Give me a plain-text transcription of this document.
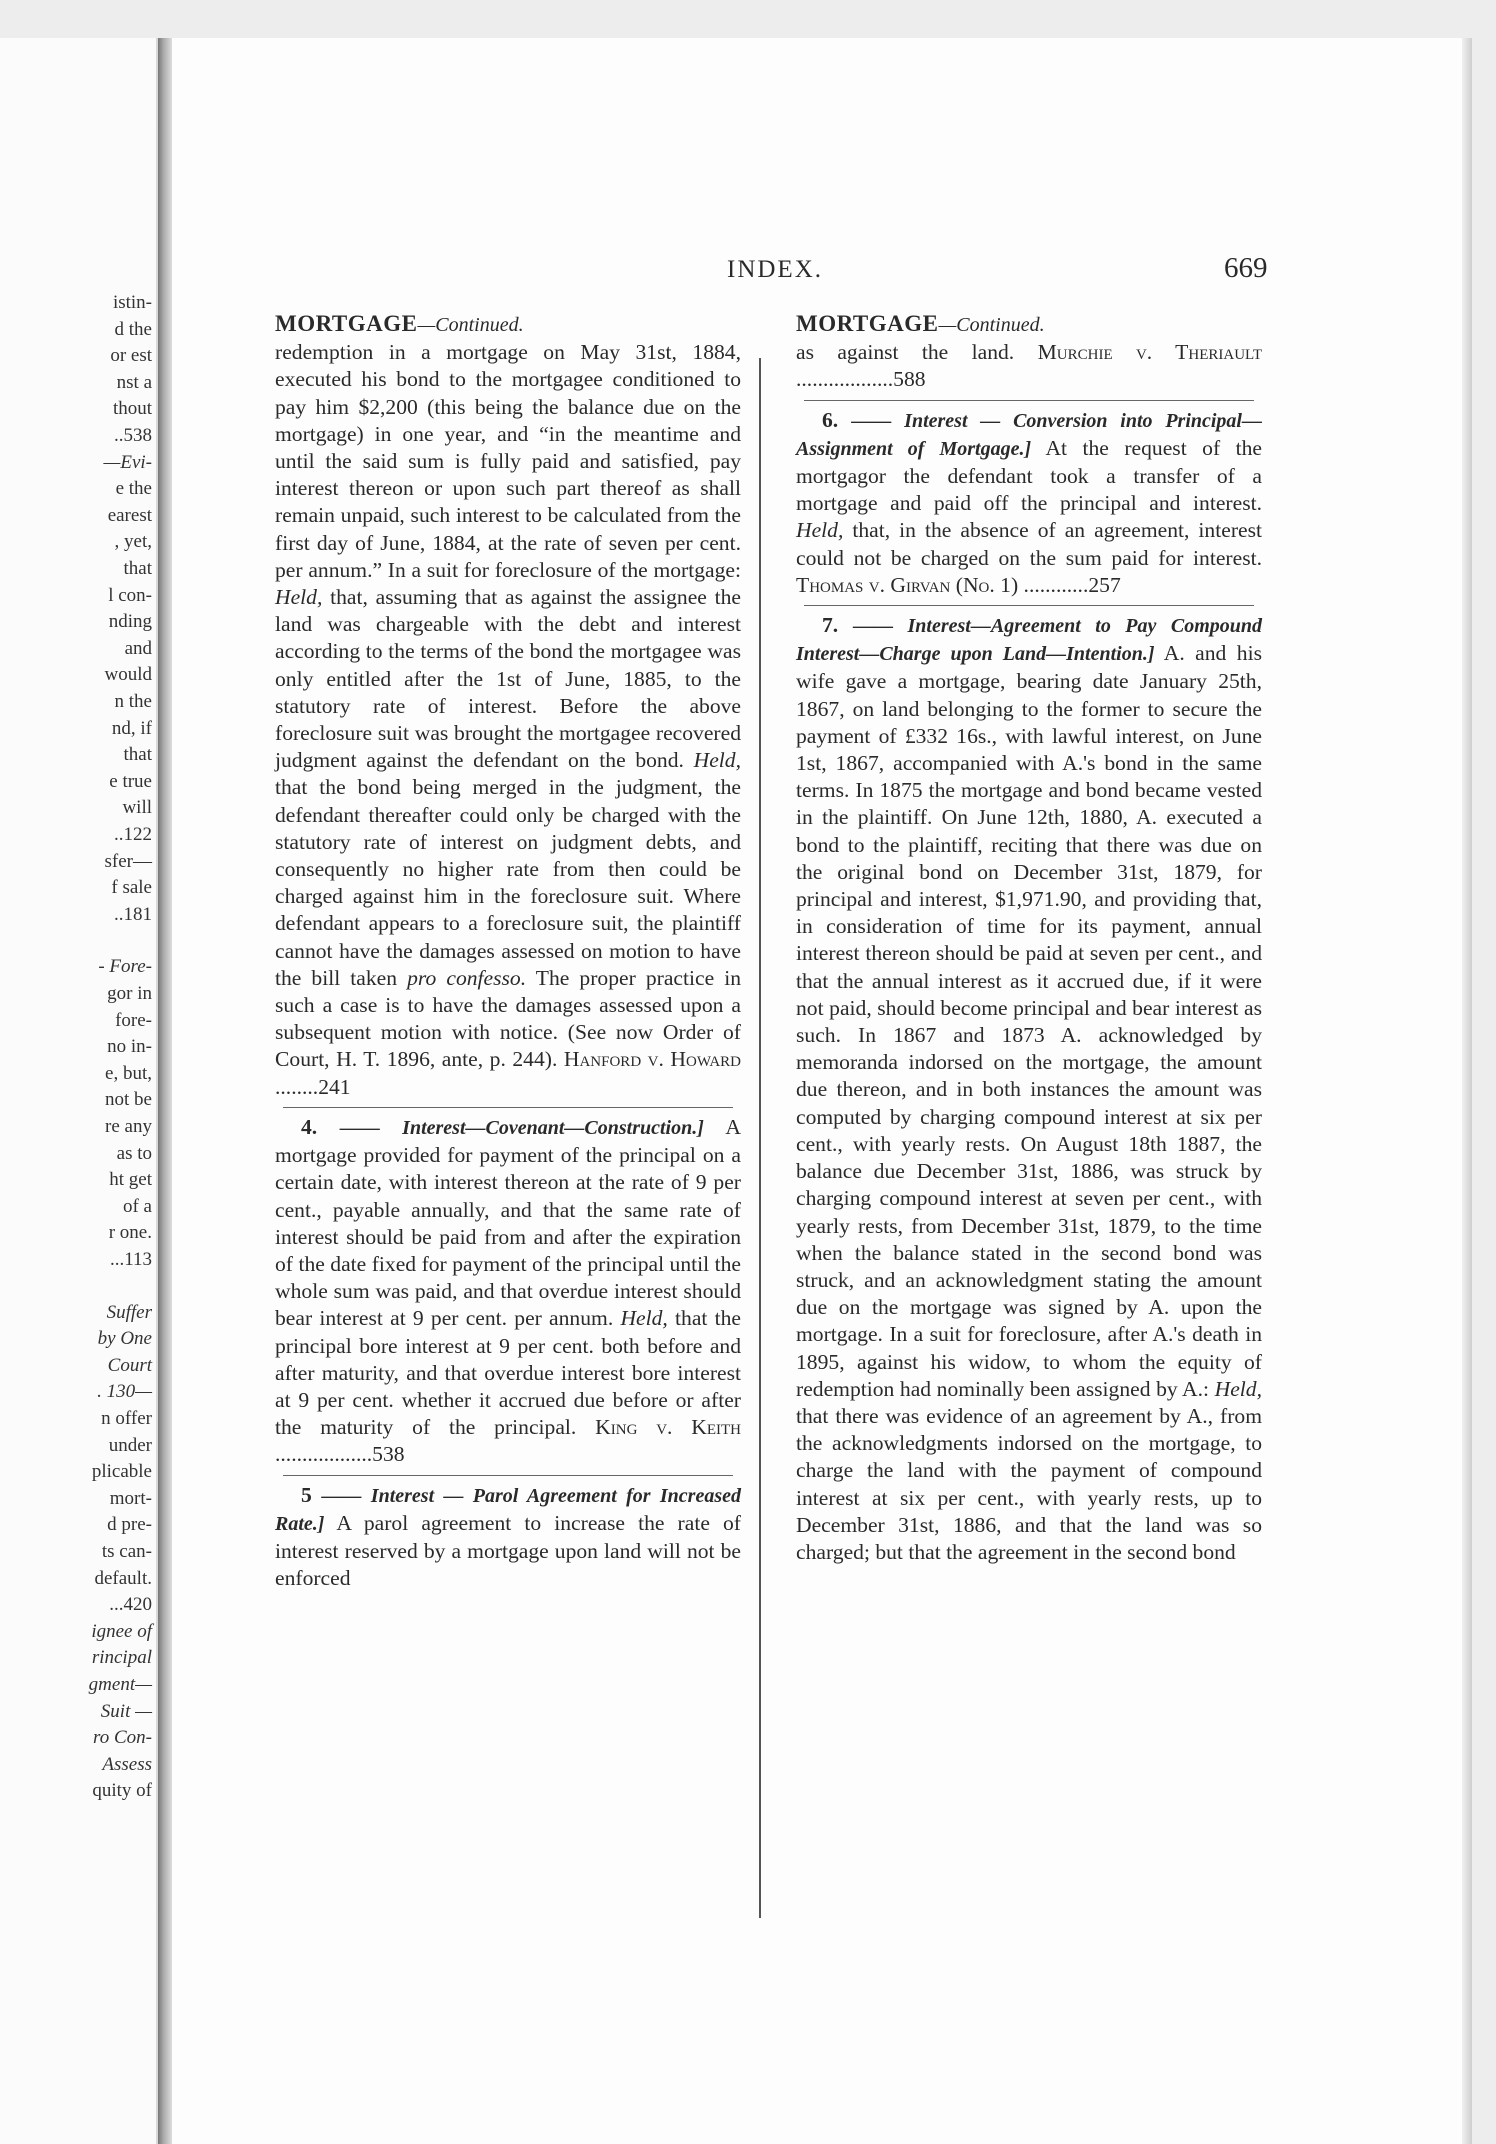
istin-
d the
or est
nst a
thout
..538
—Evi-
e the
earest
, yet,
that
l con-
nding
and
would
n the
nd, if
that
e true
will
..122
sfer—
f sale
..181
- Fore-
gor in
fore-
no in-
e, but,
not be
re any
as to
ht get
of a
r one.
...113
Suffer
by One
Court
. 130—
n offer
under
plicable
mort-
d pre-
ts can-
default.
...420
ignee of
rincipal
gment—
Suit —
ro Con-
Assess
quity of
INDEX.	669

MORTGAGE—Continued.

redemption in a mortgage on May 31st, 1884, executed his bond to the mortgagee conditioned to pay him $2,200 (this being the balance due on the mortgage) in one year, and “in the meantime and until the said sum is fully paid and satisfied, pay interest thereon or upon such part thereof as shall remain unpaid, such interest to be calculated from the first day of June, 1884, at the rate of seven per cent. per annum.” In a suit for foreclosure of the mortgage: Held, that, assuming that as against the assignee the land was chargeable with the debt and interest according to the terms of the bond the mortgagee was only entitled after the 1st of June, 1885, to the statutory rate of interest. Before the above foreclosure suit was brought the mortgagee recovered judgment against the defendant on the bond. Held, that the bond being merged in the judgment, the defendant thereafter could only be charged with the statutory rate of interest on judgment debts, and consequently no higher rate from then could be charged against him in the foreclosure suit. Where defendant appears to a foreclosure suit, the plaintiff cannot have the damages assessed on motion to have the bill taken pro confesso. The proper practice in such a case is to have the damages assessed upon a subsequent motion with notice. (See now Order of Court, H. T. 1896, ante, p. 244). Hanford v. Howard ........241

4. —— Interest—Covenant—Construction.] A mortgage provided for payment of the principal on a certain date, with interest thereon at the rate of 9 per cent., payable annually, and that the same rate of interest should be paid from and after the expiration of the date fixed for payment of the principal until the whole sum was paid, and that overdue interest should bear interest at 9 per cent. per annum. Held, that the principal bore interest at 9 per cent. both before and after maturity, and that overdue interest bore interest at 9 per cent. whether it accrued due before or after the maturity of the principal. King v. Keith ..................538

5 —— Interest — Parol Agreement for Increased Rate.] A parol agreement to increase the rate of interest reserved by a mortgage upon land will not be enforced

MORTGAGE—Continued.

as against the land. Murchie v. Theriault ..................588

6. —— Interest — Conversion into Principal—Assignment of Mortgage.] At the request of the mortgagor the defendant took a transfer of a mortgage and paid off the principal and interest. Held, that, in the absence of an agreement, interest could not be charged on the sum paid for interest. Thomas v. Girvan (No. 1) ............257

7. —— Interest—Agreement to Pay Compound Interest—Charge upon Land—Intention.] A. and his wife gave a mortgage, bearing date January 25th, 1867, on land belonging to the former to secure the payment of £332 16s., with lawful interest, on June 1st, 1867, accompanied with A.'s bond in the same terms. In 1875 the mortgage and bond became vested in the plaintiff. On June 12th, 1880, A. executed a bond to the plaintiff, reciting that there was due on the original bond on December 31st, 1879, for principal and interest, $1,971.90, and providing that, in consideration of time for its payment, annual interest thereon should be paid at seven per cent., and that the annual interest as it accrued due, if it were not paid, should become principal and bear interest as such. In 1867 and 1873 A. acknowledged by memoranda indorsed on the mortgage, the amount due thereon, and in both instances the amount was computed by charging compound interest at six per cent., with yearly rests. On August 18th 1887, the balance due December 31st, 1886, was struck by charging compound interest at seven per cent., with yearly rests, from December 31st, 1879, to the time when the balance stated in the second bond was struck, and an acknowledgment stating the amount due on the mortgage was signed by A. upon the mortgage. In a suit for foreclosure, after A.'s death in 1895, against his widow, to whom the equity of redemption had nominally been assigned by A.: Held, that there was evidence of an agreement by A., from the acknowledgments indorsed on the mortgage, to charge the land with the payment of compound interest at six per cent., with yearly rests, up to December 31st, 1886, and that the land was so charged; but that the agreement in the second bond
